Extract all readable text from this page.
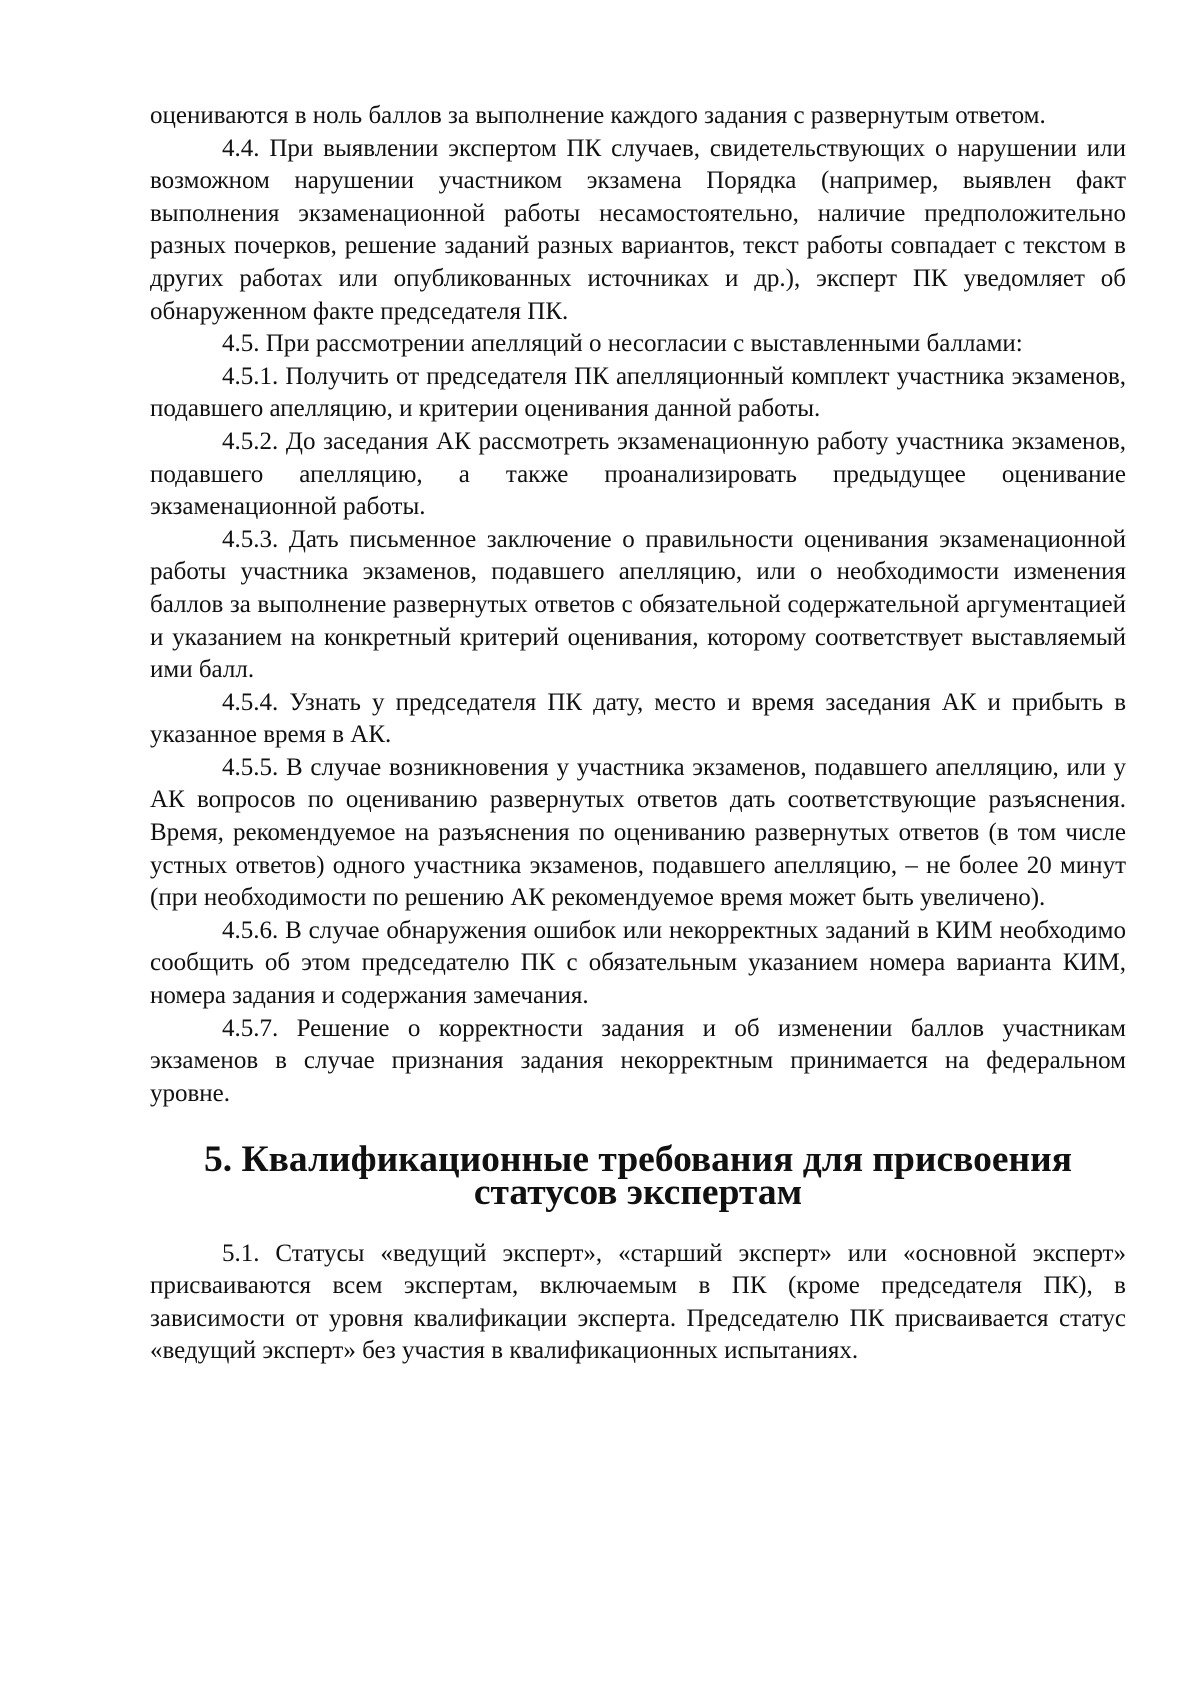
оцениваются в ноль баллов за выполнение каждого задания с развернутым ответом.

4.4. При выявлении экспертом ПК случаев, свидетельствующих о нарушении или возможном нарушении участником экзамена Порядка (например, выявлен факт выполнения экзаменационной работы несамостоятельно, наличие предположительно разных почерков, решение заданий разных вариантов, текст работы совпадает с текстом в других работах или опубликованных источниках и др.), эксперт ПК уведомляет об обнаруженном факте председателя ПК.

4.5. При рассмотрении апелляций о несогласии с выставленными баллами:

4.5.1. Получить от председателя ПК апелляционный комплект участника экзаменов, подавшего апелляцию, и критерии оценивания данной работы.

4.5.2. До заседания АК рассмотреть экзаменационную работу участника экзаменов, подавшего апелляцию, а также проанализировать предыдущее оценивание экзаменационной работы.

4.5.3. Дать письменное заключение о правильности оценивания экзаменационной работы участника экзаменов, подавшего апелляцию, или о необходимости изменения баллов за выполнение развернутых ответов с обязательной содержательной аргументацией и указанием на конкретный критерий оценивания, которому соответствует выставляемый ими балл.

4.5.4. Узнать у председателя ПК дату, место и время заседания АК и прибыть в указанное время в АК.

4.5.5. В случае возникновения у участника экзаменов, подавшего апелляцию, или у АК вопросов по оцениванию развернутых ответов дать соответствующие разъяснения. Время, рекомендуемое на разъяснения по оцениванию развернутых ответов (в том числе устных ответов) одного участника экзаменов, подавшего апелляцию, – не более 20 минут (при необходимости по решению АК рекомендуемое время может быть увеличено).

4.5.6. В случае обнаружения ошибок или некорректных заданий в КИМ необходимо сообщить об этом председателю ПК с обязательным указанием номера варианта КИМ, номера задания и содержания замечания.

4.5.7. Решение о корректности задания и об изменении баллов участникам экзаменов в случае признания задания некорректным принимается на федеральном уровне.

5. Квалификационные требования для присвоения статусов экспертам

5.1. Статусы «ведущий эксперт», «старший эксперт» или «основной эксперт» присваиваются всем экспертам, включаемым в ПК (кроме председателя ПК), в зависимости от уровня квалификации эксперта. Председателю ПК присваивается статус «ведущий эксперт» без участия в квалификационных испытаниях.
